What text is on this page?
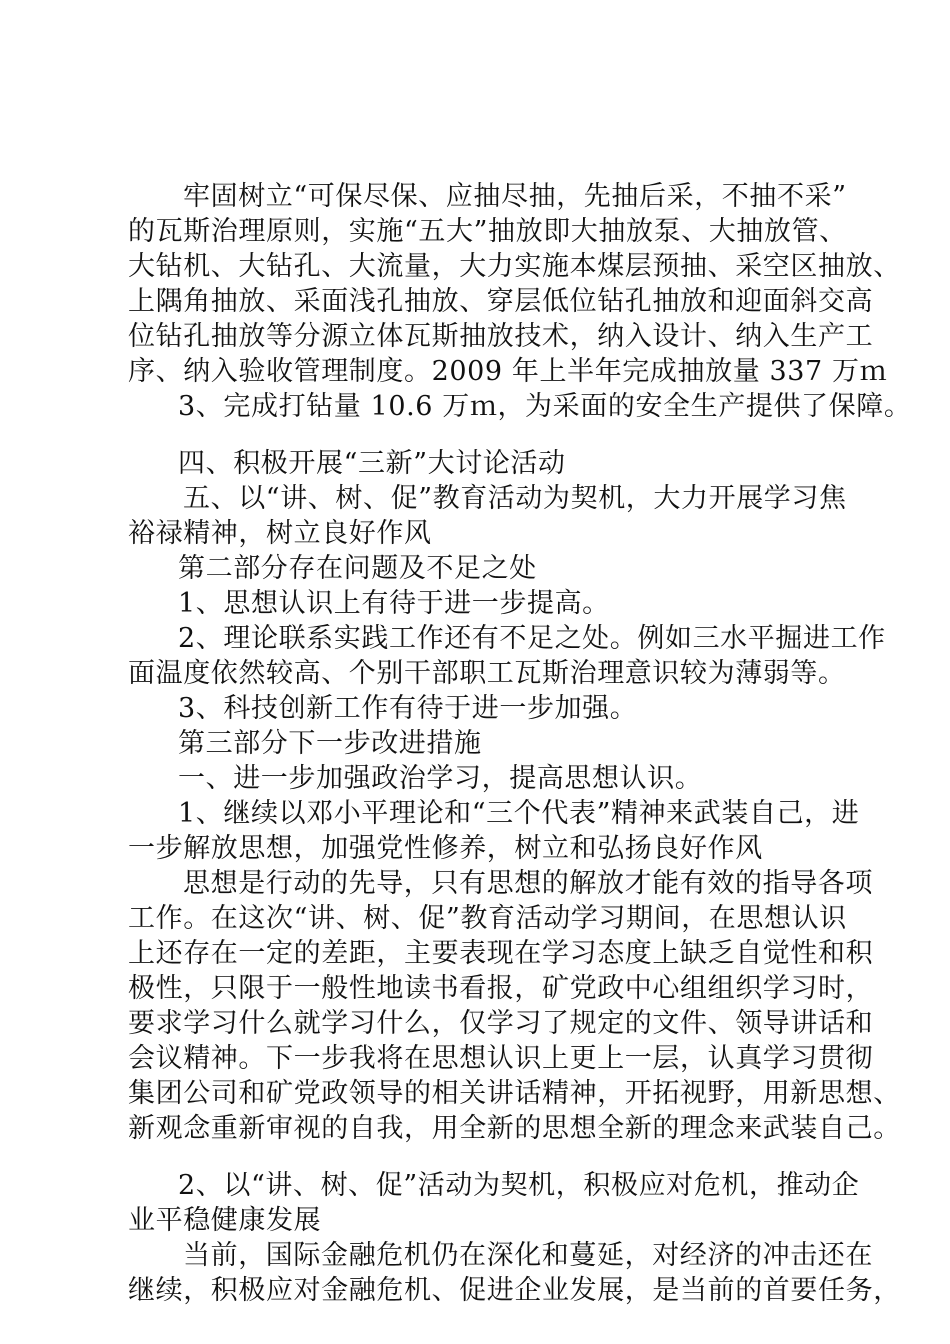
牢固树立“可保尽保、应抽尽抽，先抽后采，不抽不采”
的瓦斯治理原则，实施“五大”抽放即大抽放泵、大抽放管、
大钻机、大钻孔、大流量，大力实施本煤层预抽、采空区抽放、
上隅角抽放、采面浅孔抽放、穿层低位钻孔抽放和迎面斜交高
位钻孔抽放等分源立体瓦斯抽放技术，纳入设计、纳入生产工
序、纳入验收管理制度。2009 年上半年完成抽放量 337 万ｍ
3、完成打钻量 10.6 万ｍ，为采面的安全生产提供了保障。
四、积极开展“三新”大讨论活动
五、以“讲、树、促”教育活动为契机，大力开展学习焦
裕禄精神，树立良好作风
第二部分存在问题及不足之处
1、思想认识上有待于进一步提高。
2、理论联系实践工作还有不足之处。例如三水平掘进工作
面温度依然较高、个别干部职工瓦斯治理意识较为薄弱等。
3、科技创新工作有待于进一步加强。
第三部分下一步改进措施
一、进一步加强政治学习，提高思想认识。
1、继续以邓小平理论和“三个代表”精神来武装自己，进
一步解放思想，加强党性修养，树立和弘扬良好作风
思想是行动的先导，只有思想的解放才能有效的指导各项
工作。在这次“讲、树、促”教育活动学习期间，在思想认识
上还存在一定的差距，主要表现在学习态度上缺乏自觉性和积
极性，只限于一般性地读书看报，矿党政中心组组织学习时，
要求学习什么就学习什么，仅学习了规定的文件、领导讲话和
会议精神。下一步我将在思想认识上更上一层，认真学习贯彻
集团公司和矿党政领导的相关讲话精神，开拓视野，用新思想、
新观念重新审视的自我，用全新的思想全新的理念来武装自己。
2、以“讲、树、促”活动为契机，积极应对危机，推动企
业平稳健康发展
当前，国际金融危机仍在深化和蔓延，对经济的冲击还在
继续，积极应对金融危机、促进企业发展，是当前的首要任务，
